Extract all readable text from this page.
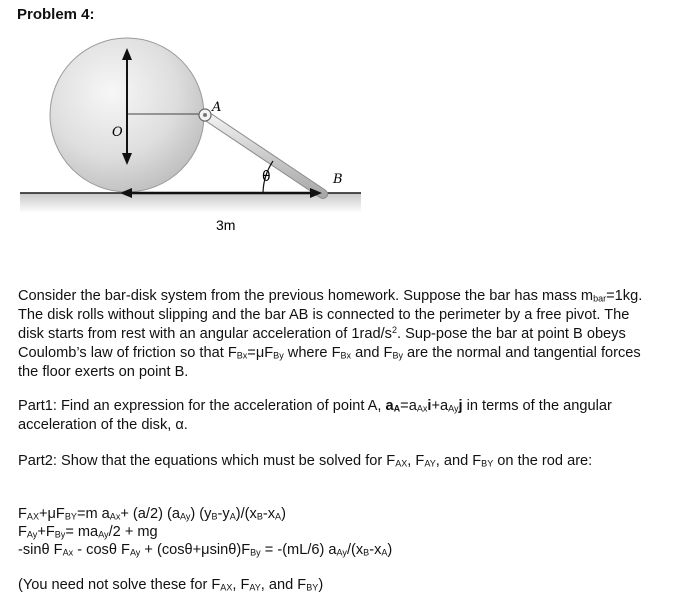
Problem 4:
O
A
B
θ
3m

Consider the bar-disk system from the previous homework. Suppose the bar has mass $m_{bar}=1kg$. The disk rolls without slipping and the bar AB is connected to the perimeter by a free pivot. The disk starts from rest with an angular acceleration of $1rad/s^2$. Sup-pose the bar at point B obeys Coulomb’s law of friction so that $F_{Bx}=\mu F_{By}$ where $F_{Bx}$ and $F_{By}$ are the normal and tangential forces the floor exerts on point B.

Part1: Find an expression for the acceleration of point A, $a_A=a_{Ax}i+a_{Ay}j$ in terms of the angular acceleration of the disk, α.

Part2: Show that the equations which must be solved for $F_{AX}$, $F_{AY}$, and $F_{BY}$ on the rod are:

$F_{AX}+\mu F_{BY}=m$ $a_{Ax}+ (a/2)$ $(a_{Ay})$ $(y_B-y_A)/(x_B-x_A)$

$F_{Ay}+F_{By}= ma_{Ay}/2$ + mg

-sinθ $F_{Ax}$ - cosθ $F_{Ay} + (\cos\theta+\mu\sin\theta)F_{By} = -(mL/6)$ $a_{Ay}/(x_B-x_A)$

(You need not solve these for $F_{AX}$, $F_{AY}$, and $F_{BY}$)
